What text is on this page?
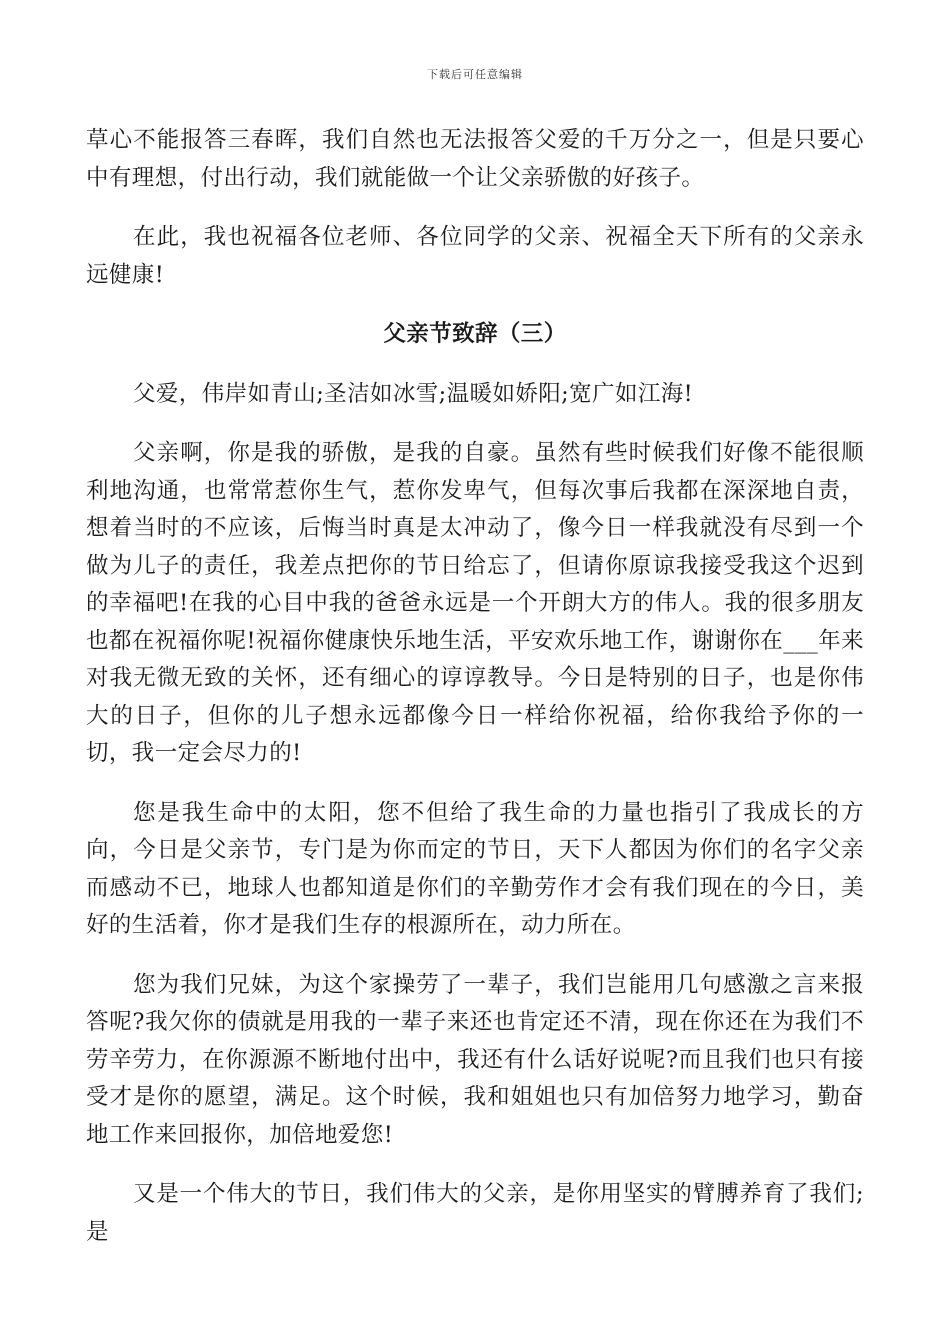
下载后可任意编辑

草心不能报答三春晖，我们自然也无法报答父爱的千万分之一，但是只要心中有理想，付出行动，我们就能做一个让父亲骄傲的好孩子。

在此，我也祝福各位老师、各位同学的父亲、祝福全天下所有的父亲永远健康!

父亲节致辞（三）

父爱，伟岸如青山;圣洁如冰雪;温暖如娇阳;宽广如江海!

父亲啊，你是我的骄傲，是我的自豪。虽然有些时候我们好像不能很顺利地沟通，也常常惹你生气，惹你发卑气，但每次事后我都在深深地自责，想着当时的不应该，后悔当时真是太冲动了，像今日一样我就没有尽到一个做为儿子的责任，我差点把你的节日给忘了，但请你原谅我接受我这个迟到的幸福吧!在我的心目中我的爸爸永远是一个开朗大方的伟人。我的很多朋友也都在祝福你呢!祝福你健康快乐地生活，平安欢乐地工作，谢谢你在___年来对我无微无致的关怀，还有细心的谆谆教导。今日是特别的日子，也是你伟大的日子，但你的儿子想永远都像今日一样给你祝福，给你我给予你的一切，我一定会尽力的!

您是我生命中的太阳，您不但给了我生命的力量也指引了我成长的方向，今日是父亲节，专门是为你而定的节日，天下人都因为你们的名字父亲而感动不已，地球人也都知道是你们的辛勤劳作才会有我们现在的今日，美好的生活着，你才是我们生存的根源所在，动力所在。

您为我们兄妹，为这个家操劳了一辈子，我们岂能用几句感激之言来报答呢?我欠你的债就是用我的一辈子来还也肯定还不清，现在你还在为我们不劳辛劳力，在你源源不断地付出中，我还有什么话好说呢?而且我们也只有接受才是你的愿望，满足。这个时候，我和姐姐也只有加倍努力地学习，勤奋地工作来回报你，加倍地爱您!

又是一个伟大的节日，我们伟大的父亲，是你用坚实的臂膊养育了我们;是
